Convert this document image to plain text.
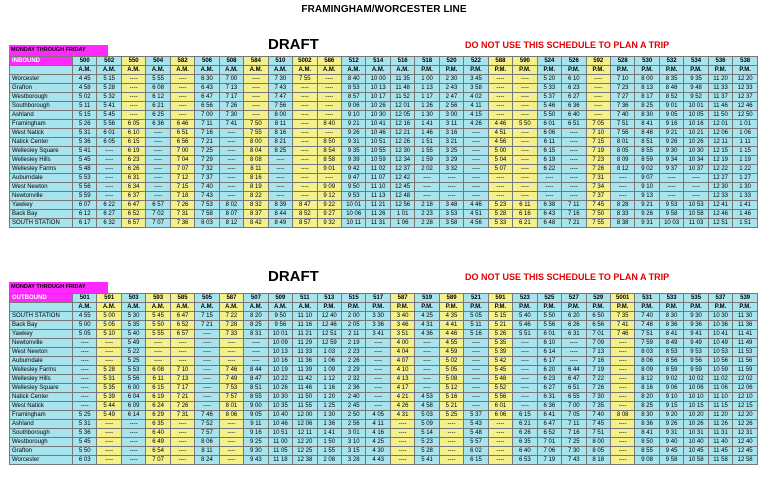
FRAMINGHAM/WORCESTER LINE
DRAFT	DO NOT USE THIS SCHEDULE TO PLAN A TRIP
MONDAY THROUGH FRIDAY
INBOUND	500	502	550	504	582	506	508	584	510	5002	586	512	514	516	518	520	522	588	590	524	526	592	528	530	532	534	536	538
	A.M.	A.M.	A.M.	A.M.	A.M.	A.M.	A.M.	A.M.	A.M.	A.M.	A.M.	A.M.	A.M.	A.M.	P.M.	P.M.	P.M.	P.M.	P.M.	P.M.	P.M.	P.M.	P.M.	P.M.	P.M.	P.M.	P.M.	P.M.
Worcester	4 45	5 15	----	5 55	----	6 30	7 00	----	7 30	7 55	----	8 40	10 00	11 35	1 00	2 30	3 45	----	----	5 20	6 10	----	7 10	8 00	8 35	9 35	11 20	12 20
Grafton	4 58	5 28	----	6 08	----	6 43	7 13	----	7 43	----	----	8 53	10 13	11 48	1 13	2 43	3 58	----	----	5 33	6 23	----	7 23	8 13	8 48	9 48	11 33	12 33
Westborough	5 02	5 32	----	6 12	----	6 47	7 17	----	7 47	----	----	8 57	10 17	11 52	1 17	2 47	4 02	----	----	5 37	6 27	----	7 27	8 17	8 52	9 52	11 37	12 37
Southborough	5 11	5 41	----	6 21	----	6 56	7 26	----	7 56	----	----	9 06	10 26	12 01	1 26	2 56	4 11	----	----	5 46	6 36	----	7 36	8 25	9 01	10 01	11 46	12 46
Ashland	5 15	5 45	----	6 25	----	7 00	7 30	----	8 00	----	----	9 10	10 30	12 05	1 30	3 00	4 15	----	----	5 50	6 40	----	7 40	8 30	9 05	10 05	11 50	12 50
Framingham	5 26	5 56	6 05	6 36	6 46	7 11	7 41	7 50	8 11	----	8 40	9 21	10 41	12 16	1 41	3 11	4 26	4 46	5 50	6 01	6 51	7 05	7 51	8 41	9 16	10 16	12 01	1 01
West Natick	5 31	6 01	6 10	----	6 51	7 16	----	7 55	8 16	----	----	9 26	10 46	12 21	1 46	3 16	----	4 51	----	6 06	----	7 10	7 56	8 46	9 21	10 21	12 06	1 06
Natick Center	5 36	6 05	6 15	----	6 56	7 21	----	8 00	8 21	----	8 50	9 31	10 51	12 26	1 51	3 21	----	4 56	----	6 11	----	7 15	8 01	8 51	9 26	10 26	12 11	1 11
Wellesley Square	5 41	----	6 19	----	7 00	7 25	----	8 04	8 25	----	8 54	9 35	10 55	12 30	1 55	3 25	----	5 00	----	6 15	----	7 19	8 05	8 55	9 30	10 30	12 15	1 15
Wellesley Hills	5 45	----	6 23	----	7 04	7 29	----	8 08	----	----	8 58	9 39	10 59	12 34	1 59	3 29	----	5 04	----	6 19	----	7 23	8 09	8 59	9 34	10 34	12 19	1 19
Wellesley Farms	5 48	----	6 26	----	7 07	7 32	----	8 11	----	----	9 01	9 42	11 02	12 37	2 02	3 32	----	5 07	----	6 22	----	7 26	8 12	9 02	9 37	10 37	12 22	1 22
Auburndale	5 53	----	6 31	----	7 12	7 37	----	8 16	----	----	----	9 47	11 07	12 42	----	----	----	----	----	----	----	7 31	----	9 07	----	----	12 27	1 27
West Newton	5 56	----	6 34	----	7 15	7 40	----	8 19	----	----	9 09	9 50	11 10	12 45	----	----	----	----	----	----	----	7 34	----	9 10	----	----	12 30	1 30
Newtonville	5 59	----	6 37	----	7 18	7 43	----	8 22	----	----	9 12	9 53	11 13	12 48	----	----	----	----	----	----	----	7 37	----	9 13	----	----	12 33	1 33
Yawkey	6 07	6 22	6 47	6 57	7 26	7 53	8 02	8 32	8 39	8 47	9 22	10 01	11 21	12 56	2 18	3 48	4 46	5 23	6 11	6 38	7 11	7 45	8 28	9 21	9 53	10 53	12 41	1 41
Back Bay	6 12	6 27	6 52	7 02	7 31	7 58	8 07	8 37	8 44	8 52	9 27	10 06	11 26	1 01	2 23	3 53	4 51	5 28	6 16	6 43	7 16	7 50	8 33	9 26	9 58	10 58	12 46	1 46
SOUTH STATION	6 17	6 32	6 57	7 07	7 36	8 03	8 12	8 42	8 49	8 57	9 32	10 11	11 31	1 06	2 28	3 58	4 56	5 33	6 21	6 48	7 21	7 55	8 38	9 31	10 03	11 03	12 51	1 51
DRAFT	DO NOT USE THIS SCHEDULE TO PLAN A TRIP
MONDAY THROUGH FRIDAY
OUTBOUND	501	591	503	593	585	505	587	507	509	511	513	515	517	587	519	589	521	591	523	525	527	529	5001	531	533	535	537	539
	A.M.	A.M.	A.M.	A.M.	A.M.	A.M.	A.M.	A.M.	A.M.	A.M.	P.M.	P.M.	P.M.	P.M.	P.M.	P.M.	P.M.	P.M.	P.M.	P.M.	P.M.	P.M.	P.M.	P.M.	P.M.	P.M.	P.M.	P.M.
SOUTH STATION	4 55	5 00	5 30	5 45	6 47	7 15	7 22	8 20	9 50	11 10	12 40	2 00	3 30	3 40	4 25	4 35	5 05	5 15	5 40	5 50	6 20	6 50	7 35	7 40	8 30	9 30	10 30	11 30
Back Bay	5 00	5 05	5 35	5 50	6 52	7 21	7 28	8 25	9 56	11 16	12 46	2 05	3 36	3 46	4 31	4 41	5 11	5 21	5 46	5 56	6 26	6 56	7 41	7 46	8 36	9 36	10 36	11 36
Yawkey	5 05	5 10	5 40	5 55	6 57	----	7 33	8 31	10 01	11 21	12 51	2 11	3 41	3 51	4 36	4 46	5 16	5 26	5 51	6 01	6 31	7 01	7 46	7 51	8 41	9 41	10 41	11 41
Newtonville	----	----	5 49	----	----	----	----	----	10 09	11 29	12 59	2 19	----	4 00	----	4 55	----	5 35	----	6 10	----	7 09	----	7 59	8 49	9 49	10 49	11 49
West Newton	----	----	5 22	----	----	----	----	----	10 13	11 33	1 03	2 23	----	4 04	----	4 59	----	5 39	----	6 14	----	7 13	----	8 03	8 53	9 53	10 53	11 53
Auburndale	----	----	5 25	----	----	----	----	----	10 16	11 36	1 06	2 26	----	4 07	----	5 02	----	5 42	----	6 17	----	7 16	----	8 06	8 56	9 56	10 56	11 56
Wellesley Farms	----	5 28	5 53	6 08	7 10	----	7 46	8 44	10 19	11 39	1 09	2 29	----	4 10	----	5 05	----	5 45	----	6 20	6 44	7 19	----	8 09	8 59	9 59	10 59	11 59
Wellesley Hills	----	5 31	5 56	6 11	7 13	----	7 49	8 47	10 22	11 42	1 12	2 32	----	4 13	----	5 08	----	5 48	----	6 23	6 47	7 22	----	8 12	9 02	10 02	11 02	12 02
Wellesley Square	----	5 35	6 00	6 15	7 17	----	7 53	8 51	10 26	11 46	1 16	2 36	----	4 17	----	5 12	----	5 52	----	6 27	6 51	7 26	----	8 16	9 06	10 06	11 06	12 06
Natick Center	----	5 39	6 04	6 19	7 21	----	7 57	8 55	10 30	11 50	1 20	2 40	----	4 21	4 53	5 16	----	5 56	----	6 31	6 55	7 30	----	8 20	9 10	10 10	11 10	12 10
West Natick	----	5 44	6 09	6 24	7 26	----	8 01	9 00	10 35	11 55	1 25	2 45	----	4 26	4 58	5 21	----	6 01	----	6 36	7 00	7 35	----	8 25	9 15	10 15	11 15	12 15
Framingham	5 25	5 49	6 14	6 29	7 31	7 46	8 06	9 05	10 40	12 00	1 30	2 50	4 05	4 31	5 03	5 25	5 37	6 06	6 15	6 41	7 05	7 40	8 08	8 30	9 20	10 20	11 20	12 20
Ashland	5 31	----	----	6 35	----	7 52	----	9 11	10 46	12 06	1 36	2 56	4 11	----	5 09	----	5 43	----	6 21	6 47	7 11	7 45	----	8 36	9 26	10 26	11 26	12 26
Southborough	5 36	----	----	6 40	----	7 57	----	9 16	10 51	12 11	1 41	3 01	4 16	----	5 14	----	5 48	----	6 26	6 52	7 16	7 51	----	8 41	9 31	10 31	11 31	12 31
Westborough	5 45	----	----	6 49	----	8 06	----	9 25	11 00	12 20	1 50	3 10	4 25	----	5 23	----	5 57	----	6 35	7 01	7 25	8 00	----	8 50	9 40	10 40	11 40	12 40
Grafton	5 50	----	----	6 54	----	8 11	----	9 30	11 05	12 25	1 55	3 15	4 30	----	5 28	----	6 02	----	6 40	7 06	7 30	8 05	----	8 55	9 45	10 45	11 45	12 45
Worcester	6 03	----	----	7 07	----	8 24	----	9 43	11 18	12 38	2 08	3 28	4 43	----	5 41	----	6 15	----	6 53	7 19	7 43	8 18	----	9 08	9 58	10 58	11 58	12 58
